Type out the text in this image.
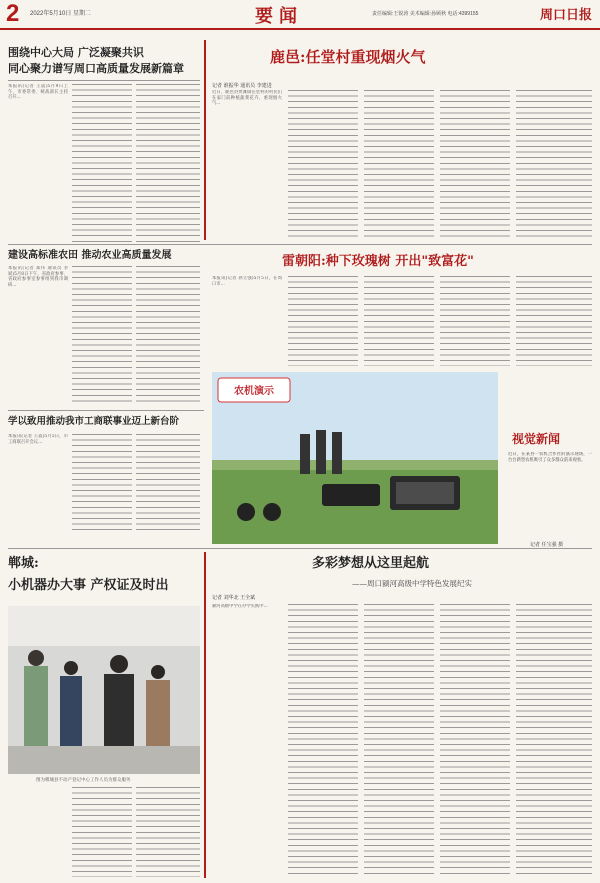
2 2022年5月10日 星期二	要闻	责任编辑:王锐涛 美术编辑:孙顾秋 电话:4399155	周口日报
围绕中心大局 广泛凝聚共识
同心聚力谱写周口高质量发展新篇章
本报讯(记者 王震)5月9日上午，市委常委、统战部长主持召开...
鹿邑:任堂村重现烟火气
记者 谁振华 通讯员 李建进
近日，鹿邑县贾滩镇任堂村的村民们在家门前种植蔬菜花卉，重现烟火气...
建设高标准农田 推动农业高质量发展
本报讯(记者 郑伟 通讯员 李斌)5月8日下午，省政府参事、省政府参事室参事组到我市调研...
雷朝阳:种下玫瑰树 开出"致富花"
本报讯(记者 孙立强)5月5日，在周口市...
学以致用推动我市工商联事业迈上新台阶
本报讯(记者 王震)5月5日，市工商联召开会议...
农机演示
视觉新闻
近日，在某县一农机合作社的演示现场，一台台新型农机吸引了众多群众前来观看。
记者 任宝强 摄
郸城:
小机器办大事 产权证及时出
图为郸城县不动产登记中心工作人员为群众服务
多彩梦想从这里起航
——周口颍河高级中学特色发展纪实
记者 刘华北 王全斌
颍河高级中学在办学实践中...
